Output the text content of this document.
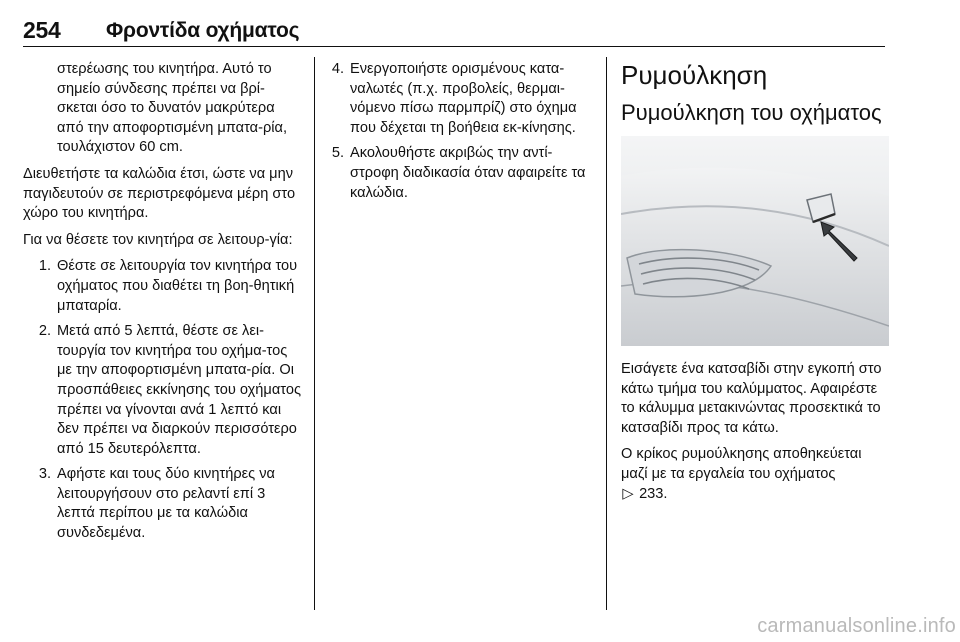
254 Φροντίδα οχήματος

στερέωσης του κινητήρα. Αυτό το σημείο σύνδεσης πρέπει να βρί-σκεται όσο το δυνατόν μακρύτερα από την αποφορτισμένη μπατα-ρία, τουλάχιστον 60 cm.

Διευθετήστε τα καλώδια έτσι, ώστε να μην παγιδευτούν σε περιστρεφόμενα μέρη στο χώρο του κινητήρα.

Για να θέσετε τον κινητήρα σε λειτουρ-γία:

1. Θέστε σε λειτουργία τον κινητήρα του οχήματος που διαθέτει τη βοη-θητική μπαταρία.
2. Μετά από 5 λεπτά, θέστε σε λει-τουργία τον κινητήρα του οχήμα-τος με την αποφορτισμένη μπατα-ρία. Οι προσπάθειες εκκίνησης του οχήματος πρέπει να γίνονται ανά 1 λεπτό και δεν πρέπει να διαρκούν περισσότερο από 15 δευτερόλεπτα.
3. Αφήστε και τους δύο κινητήρες να λειτουργήσουν στο ρελαντί επί 3 λεπτά περίπου με τα καλώδια συνδεδεμένα.
4. Ενεργοποιήστε ορισμένους κατα-ναλωτές (π.χ. προβολείς, θερμαι-νόμενο πίσω παρμπρίζ) στο όχημα που δέχεται τη βοήθεια εκ-κίνησης.
5. Ακολουθήστε ακριβώς την αντί-στροφη διαδικασία όταν αφαιρείτε τα καλώδια.
Ρυμούλκηση
Ρυμούλκηση του οχήματος

Εισάγετε ένα κατσαβίδι στην εγκοπή στο κάτω τμήμα του καλύμματος. Αφαιρέστε το κάλυμμα μετακινώντας προσεκτικά το κατσαβίδι προς τα κάτω.

Ο κρίκος ρυμούλκησης αποθηκεύεται μαζί με τα εργαλεία του οχήματος
▷ 233.

carmanualsonline.info
